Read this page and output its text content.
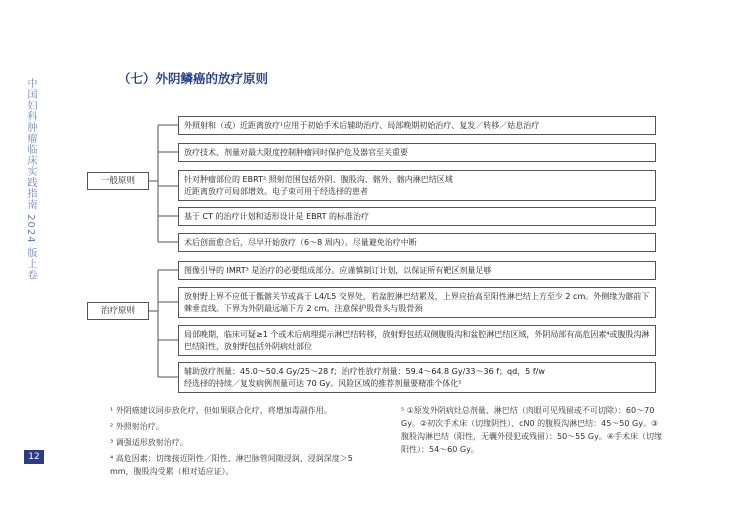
中国妇科肿瘤临床实践指南 2024 版上卷
12
（七）外阴鳞癌的放疗原则
一般原则
治疗原则
外照射和（或）近距离放疗¹应用于初始手术后辅助治疗、局部晚期初始治疗、复发／转移／姑息治疗
放疗技术、剂量对最大限度控制肿瘤同时保护危及器官至关重要
针对肿瘤部位的 EBRT² 照射范围包括外阴、腹股沟、髂外、髂内淋巴结区域
近距离放疗可局部增效。电子束可用于经选择的患者
基于 CT 的治疗计划和适形设计是 EBRT 的标准治疗
术后创面愈合后，尽早开始放疗（6～8 周内）。尽量避免治疗中断
图像引导的 IMRT³ 是治疗的必要组成部分。应谨慎制订计划，以保证所有靶区剂量足够
放射野上界不应低于骶髂关节或高于 L4/L5 交界处，若盆腔淋巴结累及，上界应抬高至阳性淋巴结上方至少 2 cm。外侧缘为髂前下棘垂直线。下界为外阴最远端下方 2 cm。注意保护股骨头与股骨颈
局部晚期，临床可疑≥1 个或术后病理提示淋巴结转移，放射野包括双侧腹股沟和盆腔淋巴结区域，外阴局部有高危因素⁴或腹股沟淋巴结阳性，放射野包括外阴病灶部位
辅助放疗剂量：45.0～50.4 Gy/25～28 f；治疗性放疗剂量：59.4～64.8 Gy/33～36 f；qd，5 f/w
经选择的持续／复发病例剂量可达 70 Gy。风险区域的推荐剂量要精准个体化⁵
¹ 外阴癌建议同步放化疗，但如果联合化疗，将增加毒副作用。
² 外照射治疗。
³ 调强适形放射治疗。
⁴ 高危因素：切缘接近阴性／阳性、淋巴脉管间隙浸润、浸润深度＞5 mm，腹股沟受累（相对适应证）。
⁵ ①原发外阴病灶总剂量、淋巴结（肉眼可见残留或不可切除）：60～70 Gy。②初次手术床（切缘阴性）、cN0 的腹股沟淋巴结：45～50 Gy。③腹股沟淋巴结（阳性，无囊外侵犯或残留）：50～55 Gy。④手术床（切缘阳性）：54～60 Gy。
